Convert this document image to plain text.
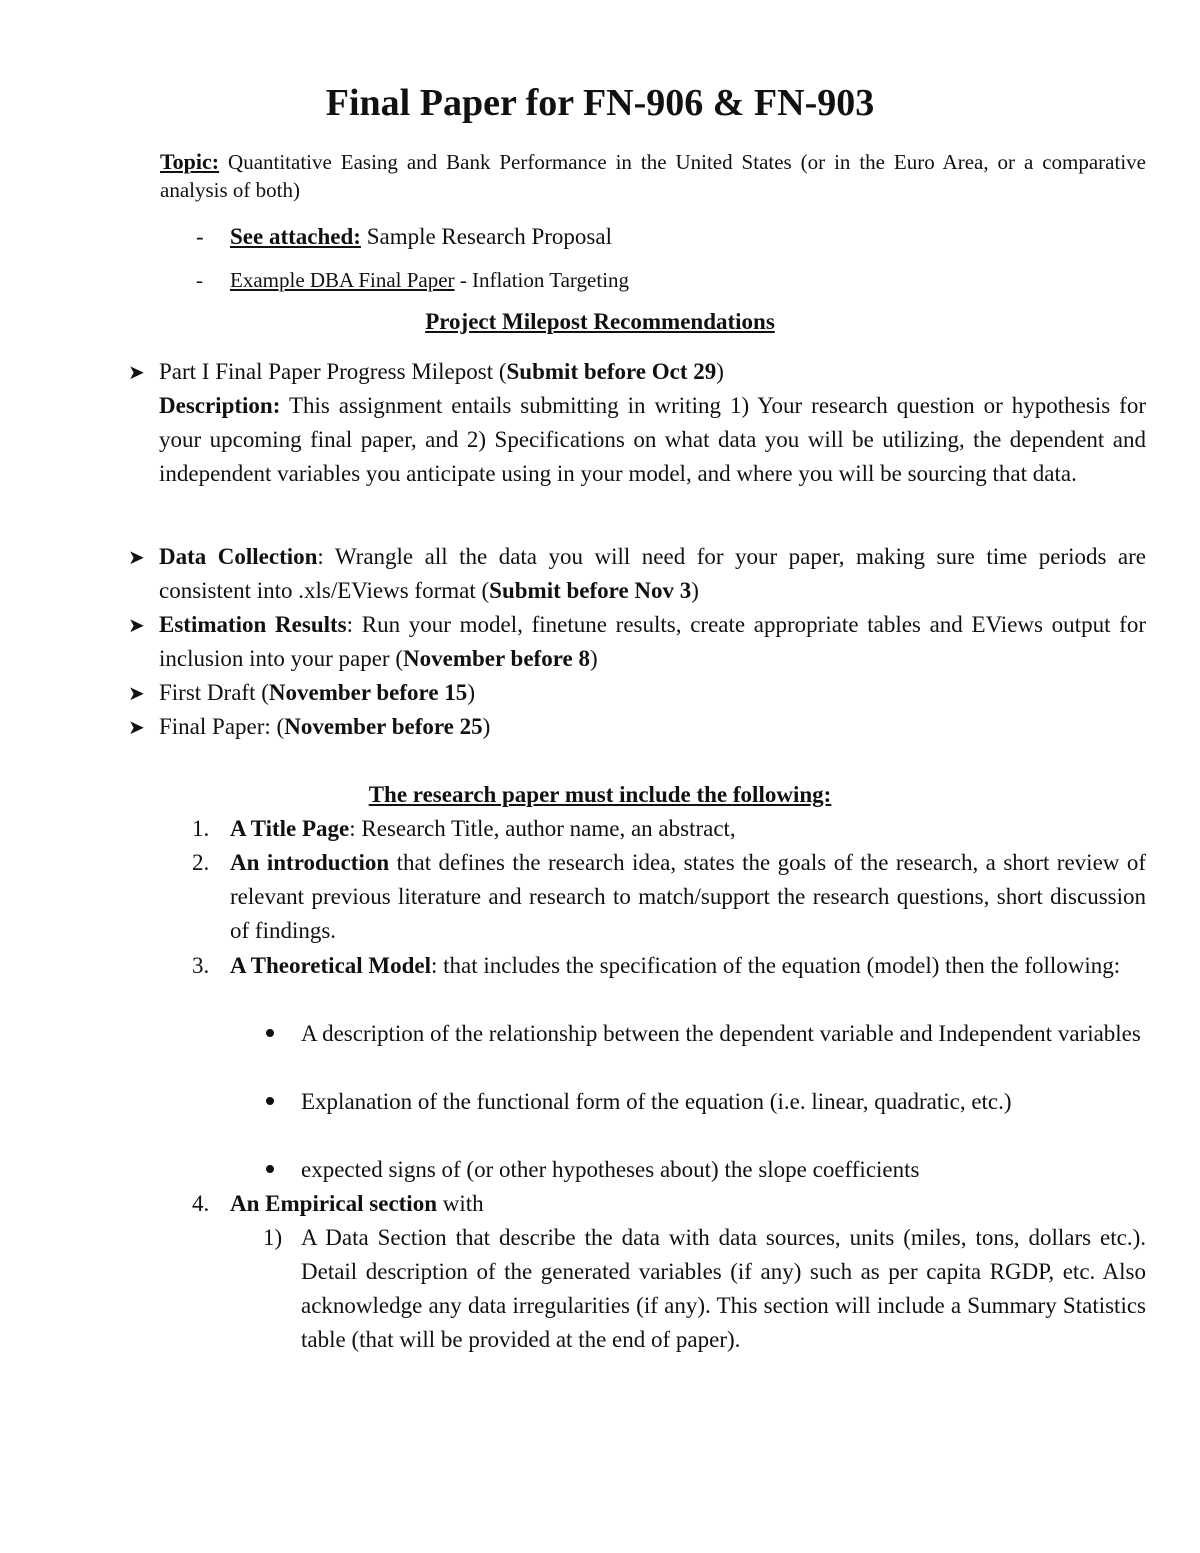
Final Paper for FN-906 & FN-903
Topic: Quantitative Easing and Bank Performance in the United States (or in the Euro Area, or a comparative analysis of both)
- See attached: Sample Research Proposal
- Example DBA Final Paper - Inflation Targeting
Project Milepost Recommendations
➤ Part I Final Paper Progress Milepost (Submit before Oct 29)
Description: This assignment entails submitting in writing 1) Your research question or hypothesis for your upcoming final paper, and 2) Specifications on what data you will be utilizing, the dependent and independent variables you anticipate using in your model, and where you will be sourcing that data.
➤ Data Collection: Wrangle all the data you will need for your paper, making sure time periods are consistent into .xls/EViews format (Submit before Nov 3)
➤ Estimation Results: Run your model, finetune results, create appropriate tables and EViews output for inclusion into your paper (November before 8)
➤ First Draft (November before 15)
➤ Final Paper: (November before 25)
The research paper must include the following:
1. A Title Page: Research Title, author name, an abstract,
2. An introduction that defines the research idea, states the goals of the research, a short review of relevant previous literature and research to match/support the research questions, short discussion of findings.
3. A Theoretical Model: that includes the specification of the equation (model) then the following:
A description of the relationship between the dependent variable and Independent variables
Explanation of the functional form of the equation (i.e. linear, quadratic, etc.)
expected signs of (or other hypotheses about) the slope coefficients
4. An Empirical section with
1) A Data Section that describe the data with data sources, units (miles, tons, dollars etc.). Detail description of the generated variables (if any) such as per capita RGDP, etc. Also acknowledge any data irregularities (if any). This section will include a Summary Statistics table (that will be provided at the end of paper).
